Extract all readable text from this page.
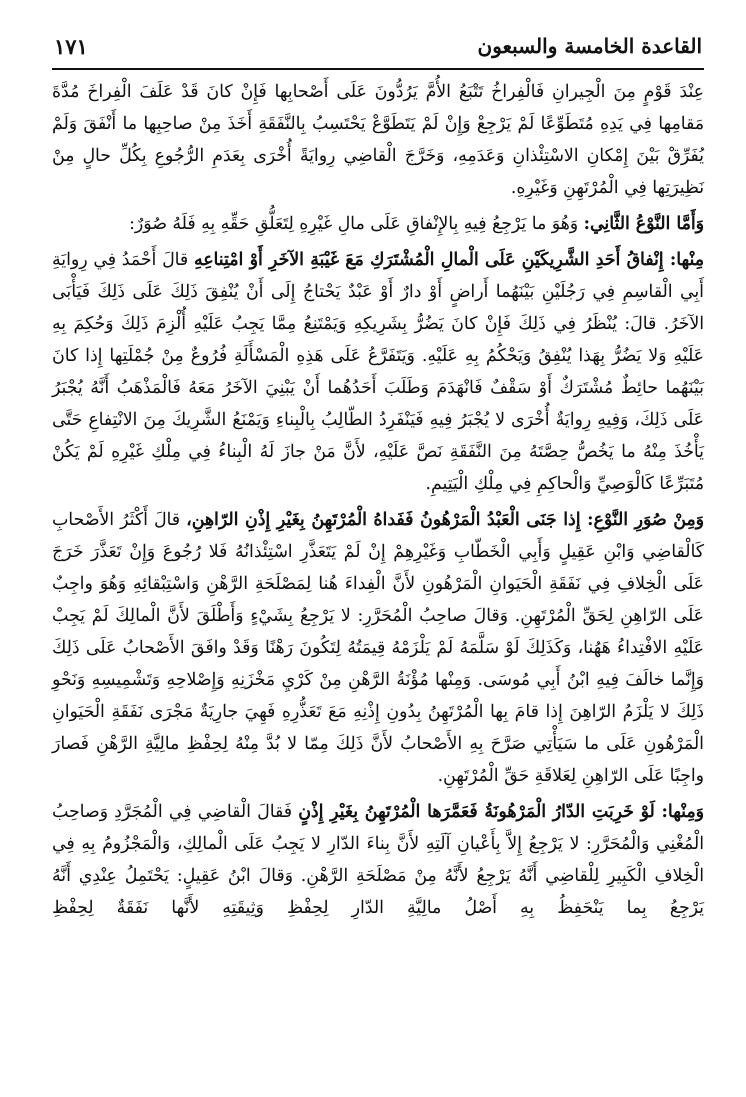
القاعدة الخامسة والسبعون
١٧١

عِنْدَ قَوْمٍ مِنَ الْجِيرانِ فَالْفِراخُ تَتْبَعُ الأُمَّ يَرُدُّونَ عَلَى أَصْحابِها فَإِنْ كانَ قَدْ عَلَفَ الْفِراخَ مُدَّةَ مَقامِها فِي يَدِهِ مُتَطَوِّعًا لَمْ يَرْجِعْ وَإِنْ لَمْ يَتَطَوَّعْ يَحْتَسِبُ بِالنَّفَقَةِ أَخَذَ مِنْ صاحِبِها ما أَنْفَقَ وَلَمْ يُفَرِّقْ بَيْنَ إِمْكانِ الاسْتِئْذانِ وَعَدَمِهِ، وَخَرَّجَ الْقاضِي رِوايَةً أُخْرَى بِعَدَمِ الرُّجُوعِ بِكُلِّ حالٍ مِنْ نَظِيرَتِها فِي الْمُرْتَهِنِ وَغَيْرِهِ.

وَأَمَّا النَّوْعُ الثَّانِي: وَهُوَ ما يَرْجِعُ فِيهِ بِالإِنْفاقِ عَلَى مالِ غَيْرِهِ لِتَعَلُّقِ حَقِّهِ بِهِ فَلَهُ صُوَرٌ:

مِنْها: إِنْفاقُ أَحَدِ الشَّرِيكَيْنِ عَلَى الْمالِ الْمُشْتَرَكِ مَعَ غَيْبَةِ الآخَرِ أَوْ امْتِناعِهِ قالَ أَحْمَدُ فِي رِوايَةِ أَبِي الْقاسِمِ فِي رَجُلَيْنِ بَيْنَهُما أَراضٍ أَوْ دارٌ أَوْ عَبْدٌ يَحْتاجُ إِلَى أَنْ يُنْفِقَ ذَلِكَ عَلَى ذَلِكَ فَيَأْبَى الآخَرُ. قالَ: يُنْظَرُ فِي ذَلِكَ فَإِنْ كانَ يَضُرُّ بِشَرِيكِهِ وَيَمْتَنِعُ مِمَّا يَجِبُ عَلَيْهِ أُلْزِمَ ذَلِكَ وَحُكِمَ بِهِ عَلَيْهِ وَلا يَضُرُّ بِهَذا يُنْفِقُ وَيَحْكُمُ بِهِ عَلَيْهِ. وَيَتَفَرَّعُ عَلَى هَذِهِ الْمَسْأَلَةِ فُرُوعٌ مِنْ جُمْلَتِها إِذا كانَ بَيْنَهُما حائِطٌ مُشْتَرَكٌ أَوْ سَقْفٌ فَانْهَدَمَ وَطَلَبَ أَحَدُهُما أَنْ يَبْنِيَ الآخَرُ مَعَهُ فَالْمَذْهَبُ أَنَّهُ يُجْبَرُ عَلَى ذَلِكَ، وَفِيهِ رِوايَةٌ أُخْرَى لا يُجْبَرُ فِيهِ فَيَنْفَرِدُ الطّالِبُ بِالْبِناءِ وَيَمْنَعُ الشَّرِيكَ مِنَ الانْتِفاعِ حَتَّى يَأْخُذَ مِنْهُ ما يَخُصُّ حِصَّتَهُ مِنَ النَّفَقَةِ نَصَّ عَلَيْهِ، لأَنَّ مَنْ جازَ لَهُ الْبِناءُ فِي مِلْكِ غَيْرِهِ لَمْ يَكُنْ مُتَبَرِّعًا كَالْوَصِيِّ وَالْحاكِمِ فِي مِلْكِ الْيَتِيمِ.

وَمِنْ صُوَرِ النَّوْعِ: إِذا جَنَى الْعَبْدُ الْمَرْهُونُ فَفَداهُ الْمُرْتَهِنُ بِغَيْرِ إِذْنِ الرّاهِنِ، قالَ أَكْثَرُ الأَصْحابِ كَالْقاضِي وَابْنِ عَقِيلٍ وَأَبِي الْخَطّابِ وَغَيْرِهِمْ إِنْ لَمْ يَتَعَذَّرِ اسْتِئْذانُهُ فَلا رُجُوعَ وَإِنْ تَعَذَّرَ خَرَجَ عَلَى الْخِلافِ فِي نَفَقَةِ الْحَيَوانِ الْمَرْهُونِ لأَنَّ الْفِداءَ هُنا لِمَصْلَحَةِ الرَّهْنِ وَاسْتِبْقائِهِ وَهُوَ واجِبٌ عَلَى الرّاهِنِ لِحَقِّ الْمُرْتَهِنِ. وَقالَ صاحِبُ الْمُحَرَّرِ: لا يَرْجِعُ بِشَيْءٍ وَأَطْلَقَ لأَنَّ الْمالِكَ لَمْ يَجِبْ عَلَيْهِ الافْتِداءُ هَهُنا، وَكَذَلِكَ لَوْ سَلَّمَهُ لَمْ يَلْزَمْهُ قِيمَتُهُ لِتَكُونَ رَهْنًا وَقَدْ وافَقَ الأَصْحابُ عَلَى ذَلِكَ وَإِنَّما خالَفَ فِيهِ ابْنُ أَبِي مُوسَى. وَمِنْها مُؤْنَةُ الرَّهْنِ مِنْ كَرْيِ مَخْزَنِهِ وَإِصْلاحِهِ وَتَشْمِيسِهِ وَنَحْوِ ذَلِكَ لا يَلْزَمُ الرّاهِنَ إِذا قامَ بِها الْمُرْتَهِنُ بِدُونِ إِذْنِهِ مَعَ تَعَذُّرِهِ فَهِيَ جارِيَةٌ مَجْرَى نَفَقَةِ الْحَيَوانِ الْمَرْهُونِ عَلَى ما سَيَأْتِي صَرَّحَ بِهِ الأَصْحابُ لأَنَّ ذَلِكَ مِمّا لا بُدَّ مِنْهُ لِحِفْظِ مالِيَّةِ الرَّهْنِ فَصارَ واجِبًا عَلَى الرّاهِنِ لِعَلاقَةِ حَقِّ الْمُرْتَهِنِ.

وَمِنْها: لَوْ خَرِبَتِ الدّارُ الْمَرْهُونَةُ فَعَمَّرَها الْمُرْتَهِنُ بِغَيْرِ إِذْنٍ فَقالَ الْقاضِي فِي الْمُجَرَّدِ وَصاحِبُ الْمُغْنِي وَالْمُحَرَّرِ: لا يَرْجِعُ إِلاَّ بِأَعْيانِ آلَتِهِ لأَنَّ بِناءَ الدّارِ لا يَجِبُ عَلَى الْمالِكِ، وَالْمَجْزُومُ بِهِ فِي الْخِلافِ الْكَبِيرِ لِلْقاضِي أَنَّهُ يَرْجِعُ لأَنَّهُ مِنْ مَصْلَحَةِ الرَّهْنِ. وَقالَ ابْنُ عَقِيلٍ: يَحْتَمِلُ عِنْدِي أَنَّهُ يَرْجِعُ بِما يَنْحَفِظُ بِهِ أَصْلُ مالِيَّةِ الدّارِ لِحِفْظِ وَثِيقَتِهِ لأَنَّها نَفَقَةٌ لِحِفْظِ
